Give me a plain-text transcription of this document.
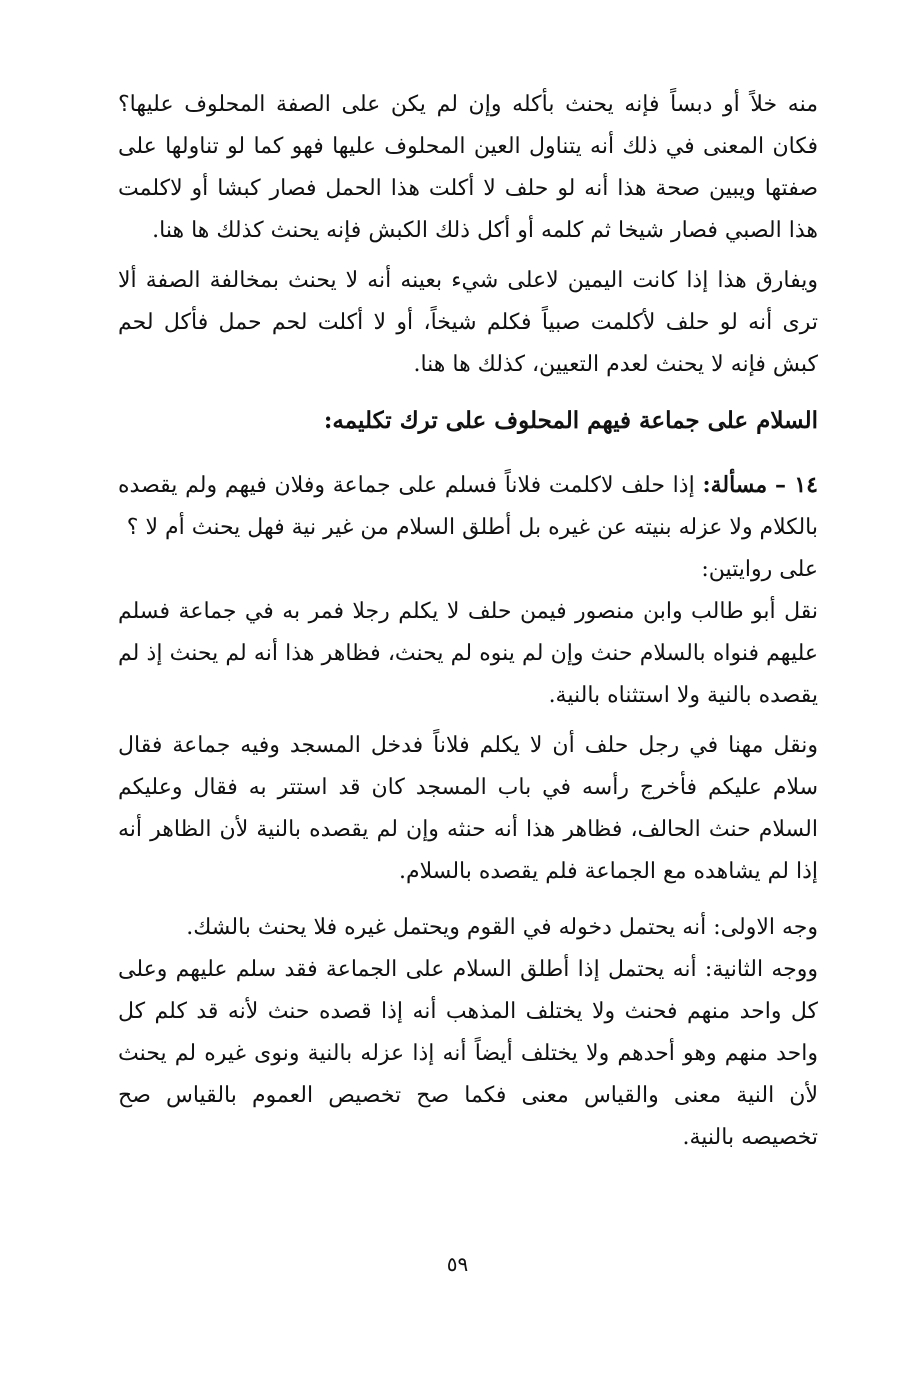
منه خلاً أو دبساً فإنه يحنث بأكله وإن لم يكن على الصفة المحلوف عليها؟ فكان المعنى في ذلك أنه يتناول العين المحلوف عليها فهو كما لو تناولها على صفتها ويبين صحة هذا أنه لو حلف لا أكلت هذا الحمل فصار كبشا أو لاكلمت هذا الصبي فصار شيخا ثم كلمه أو أكل ذلك الكبش فإنه يحنث كذلك ها هنا.

ويفارق هذا إذا كانت اليمين لاعلى شيء بعينه أنه لا يحنث بمخالفة الصفة ألا ترى أنه لو حلف لأكلمت صبياً فكلم شيخاً، أو لا أكلت لحم حمل فأكل لحم كبش فإنه لا يحنث لعدم التعيين، كذلك ها هنا.

السلام على جماعة فيهم المحلوف على ترك تكليمه:

١٤ – مسألة: إذا حلف لاكلمت فلاناً فسلم على جماعة وفلان فيهم ولم يقصده بالكلام ولا عزله بنيته عن غيره بل أطلق السلام من غير نية فهل يحنث أم لا ؟

على روايتين:

نقل أبو طالب وابن منصور فيمن حلف لا يكلم رجلا فمر به في جماعة فسلم عليهم فنواه بالسلام حنث وإن لم ينوه لم يحنث، فظاهر هذا أنه لم يحنث إذ لم يقصده بالنية ولا استثناه بالنية.

ونقل مهنا في رجل حلف أن لا يكلم فلاناً فدخل المسجد وفيه جماعة فقال سلام عليكم فأخرج رأسه في باب المسجد كان قد استتر به فقال وعليكم السلام حنث الحالف، فظاهر هذا أنه حنثه وإن لم يقصده بالنية لأن الظاهر أنه إذا لم يشاهده مع الجماعة فلم يقصده بالسلام.

وجه الاولى: أنه يحتمل دخوله في القوم ويحتمل غيره فلا يحنث بالشك.

ووجه الثانية: أنه يحتمل إذا أطلق السلام على الجماعة فقد سلم عليهم وعلى كل واحد منهم فحنث ولا يختلف المذهب أنه إذا قصده حنث لأنه قد كلم كل واحد منهم وهو أحدهم ولا يختلف أيضاً أنه إذا عزله بالنية ونوى غيره لم يحنث لأن النية معنى والقياس معنى فكما صح تخصيص العموم بالقياس صح تخصيصه بالنية.

٥٩
